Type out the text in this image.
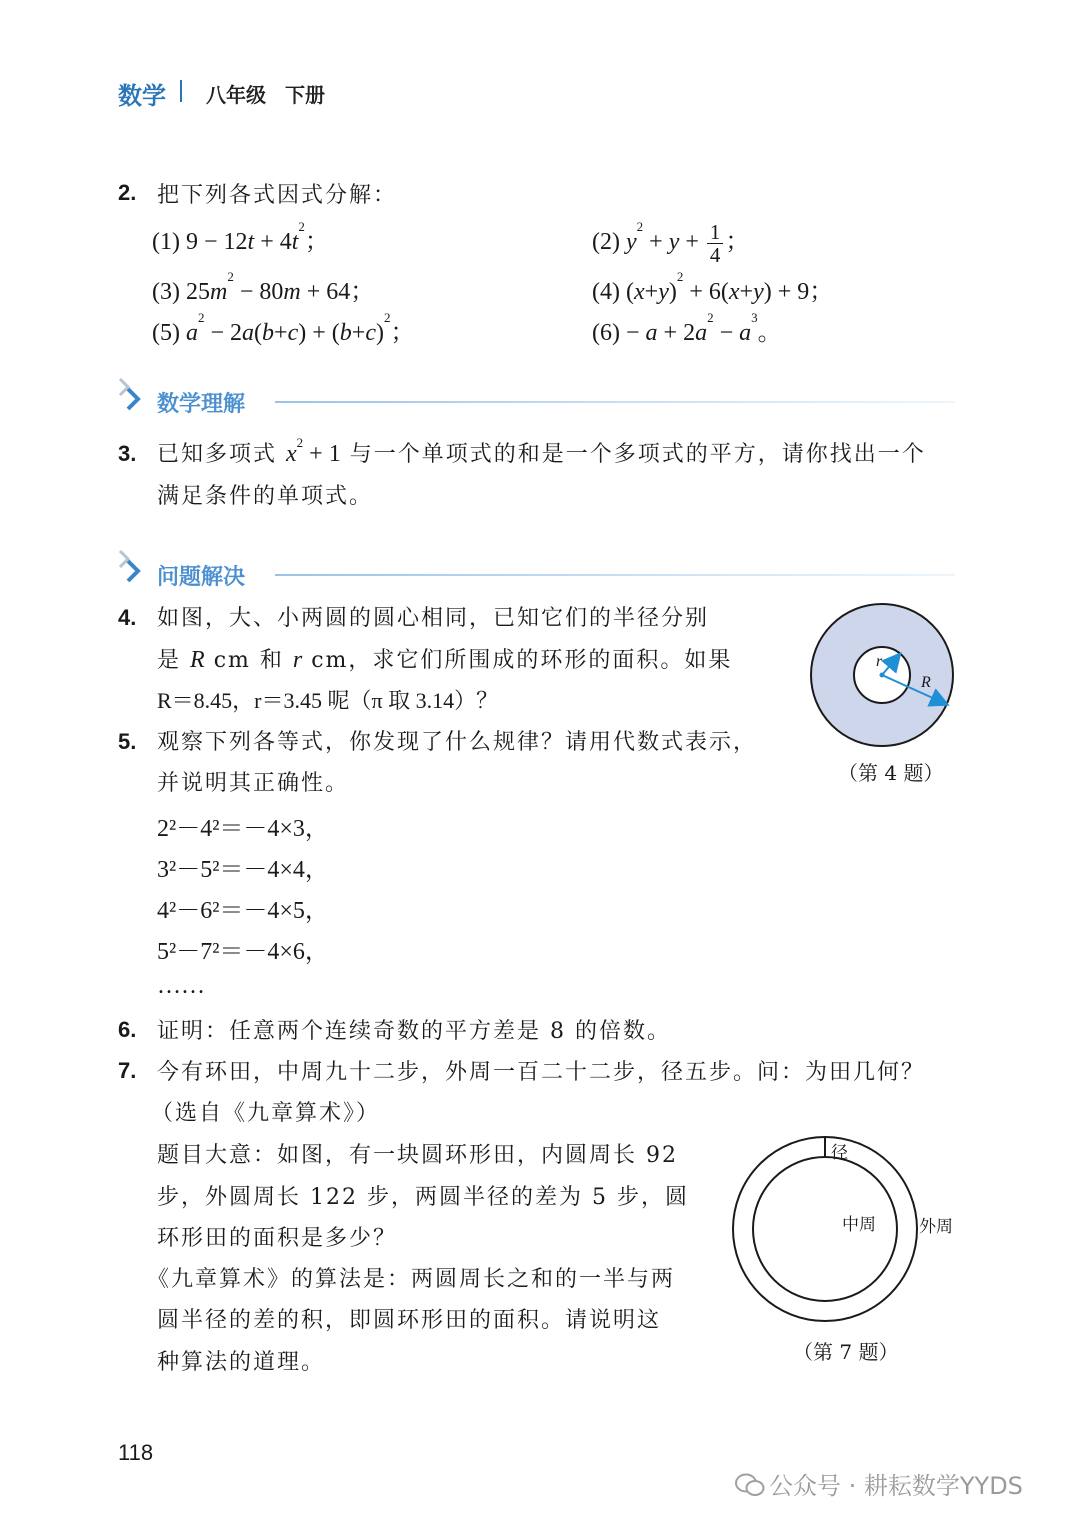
数学 八年级 下册
2. 把下列各式因式分解：
(1) $9 - 12t + 4t^2$；	(2) $y^2 + y + \frac{1}{4}$ ；
(3) $25m^2 - 80m + 64$；	(4) $(x+y)^2 + 6(x+y) + 9$；
(5) $a^2 - 2a(b+c) + (b+c)^2$；	$(6) - a + 2a^2 - a^3$。
数学理解
3. 已知多项式 $x^2 + 1$ 与一个单项式的和是一个多项式的平方，请你找出一个
满足条件的单项式。
问题解决
4. 如图，大、小两圆的圆心相同，已知它们的半径分别
是 R cm 和 r cm，求它们所围成的环形的面积。如果
R＝8.45，r＝3.45 呢（π 取 3.14）？
r
R
（第 4 题）
5. 观察下列各等式，你发现了什么规律？请用代数式表示，
并说明其正确性。
2²－4²＝－4×3，
3²－5²＝－4×4，
4²－6²＝－4×5，
5²－7²＝－4×6，
……
6. 证明：任意两个连续奇数的平方差是 8 的倍数。
7. 今有环田，中周九十二步，外周一百二十二步，径五步。问：为田几何？
（选自《九章算术》）
题目大意：如图，有一块圆环形田，内圆周长 92
步，外圆周长 122 步，两圆半径的差为 5 步，圆
环形田的面积是多少？
《九章算术》的算法是：两圆周长之和的一半与两
圆半径的差的积，即圆环形田的面积。请说明这
种算法的道理。
径
中周	外周
（第 7 题）
118
公众号 · 耕耘数学YYDS
